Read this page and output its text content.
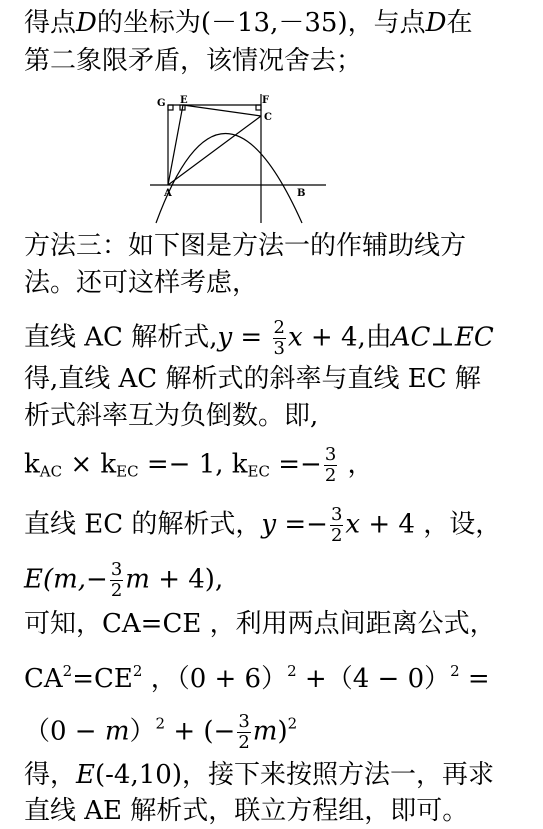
得点D的坐标为(－13,－35)，与点D在
第二象限矛盾，该情况舍去；
G E	F
C
A	B
方法三：如下图是方法一的作辅助线方
法。还可这样考虑，
直线 AC 解析式$,y = \frac{2}{3}$ x + 4,由AC⊥EC
得,直线 AC 解析式的斜率与直线 EC 解
析式斜率互为负倒数。即,
$k_{AC} \times k_{EC} =- 1$, $k_{EC} =- \frac{3}{2}$ ，
直线 EC 的解析式，$y =- \frac{3}{2}$ x + 4 ，设，
$E(m,- \frac{3}{2}$ m + 4),
可知，CA=CE ，利用两点间距离公式，
$CA^2=CE^2$ ，$(0 + 6)^2 +(4 - 0)^2$ =
$(0 - m)^2$ + (− $\frac{3}{2} m)^2$
得，E(-4,10)，接下来按照方法一，再求
直线 AE 解析式，联立方程组，即可。
